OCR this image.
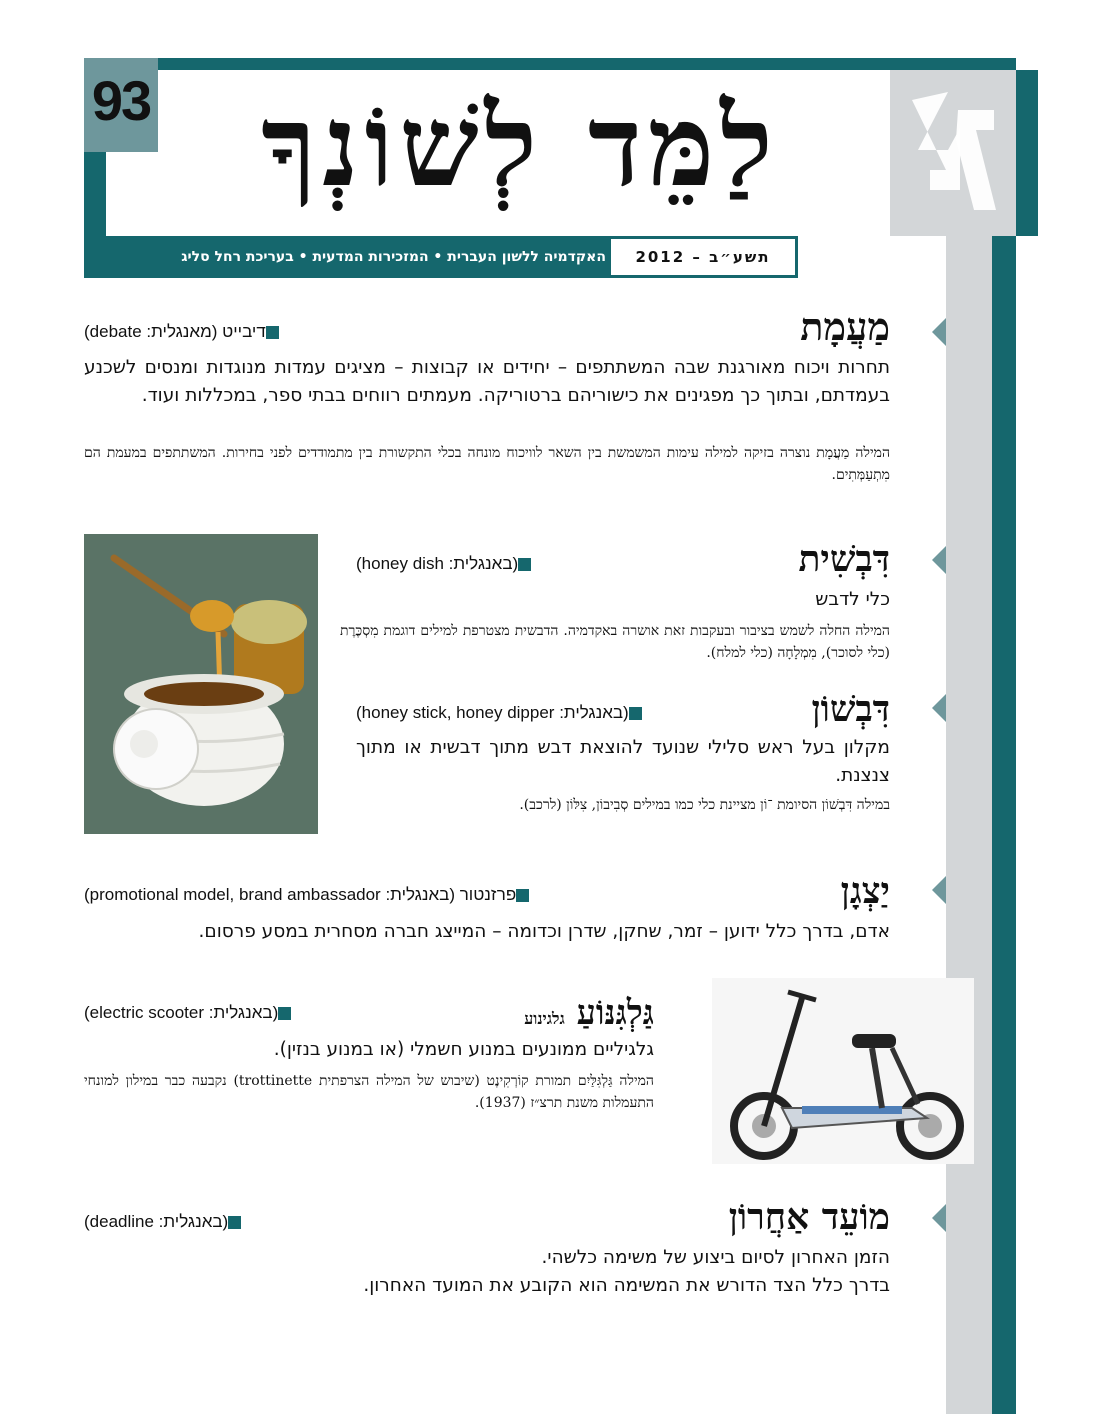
93 לַמֵּד לְשׁוֹנְךָ
האקדמיה ללשון העברית • המזכירות המדעית • בעריכת רחל סליג	תשע״ב – 2012
מַעֲמָת
דיבייט (מאנגלית: debate)
תחרות ויכוח מאורגנת שבה המשתתפים – יחידים או קבוצות – מציגים עמדות מנוגדות ומנסים לשכנע בעמדתם, ובתוך כך מפגינים את כישוריהם ברטוריקה. מעמתים רווחים בבתי ספר, במכללות ועוד.
המילה מַעֲמָת נוצרה בזיקה למילה עימות המשמשת בין השאר לוויכוח מונחה בכלי התקשורת בין מתמודדים לפני בחירות. המשתתפים במעמת הם מִתְעַמְּתִים.
דִּבְשִׁית
(באנגלית: honey dish)
כלי לדבש
המילה החלה לשמש בציבור ובעקבות זאת אושרה באקדמיה. הדבשית מצטרפת למילים דוגמת מִסְכֶּרֶת (כלי לסוכר), מִמְלָחָה (כלי למלח).
דִּבְשׁוֹן
(באנגלית: honey stick, honey dipper)
מקלון בעל ראש סלילי שנועד להוצאת דבש מתוך דבשית או מתוך צנצנת.
במילה דִּבְשׁוֹן הסיומת ־וֹן מציינת כלי כמו במילים סְבִיבוֹן, צִלּוֹן (לרכב).
יַצְגָן
פרזנטור (באנגלית: promotional model, brand ambassador)
אדם, בדרך כלל ידוען – זמר, שחקן, שדרן וכדומה – המייצג חברה מסחרית במסע פרסום.
גַּלְגִּנּוֹעַ גלגינוע
(באנגלית: electric scooter)
גלגיליים ממונעים במנוע חשמלי (או במנוע בנזין).
המילה גַּלְגִּלַּיִם תמורת קוֹרְקִינֶט (שיבוש של המילה הצרפתית trottinette) נקבעה כבר במילון למונחי התעמלות משנת תרצ״ז (1937).
מוֹעֵד אַחֲרוֹן
(באנגלית: deadline)
הזמן האחרון לסיום ביצוע של משימה כלשהי.
בדרך כלל הצד הדורש את המשימה הוא הקובע את המועד האחרון.
